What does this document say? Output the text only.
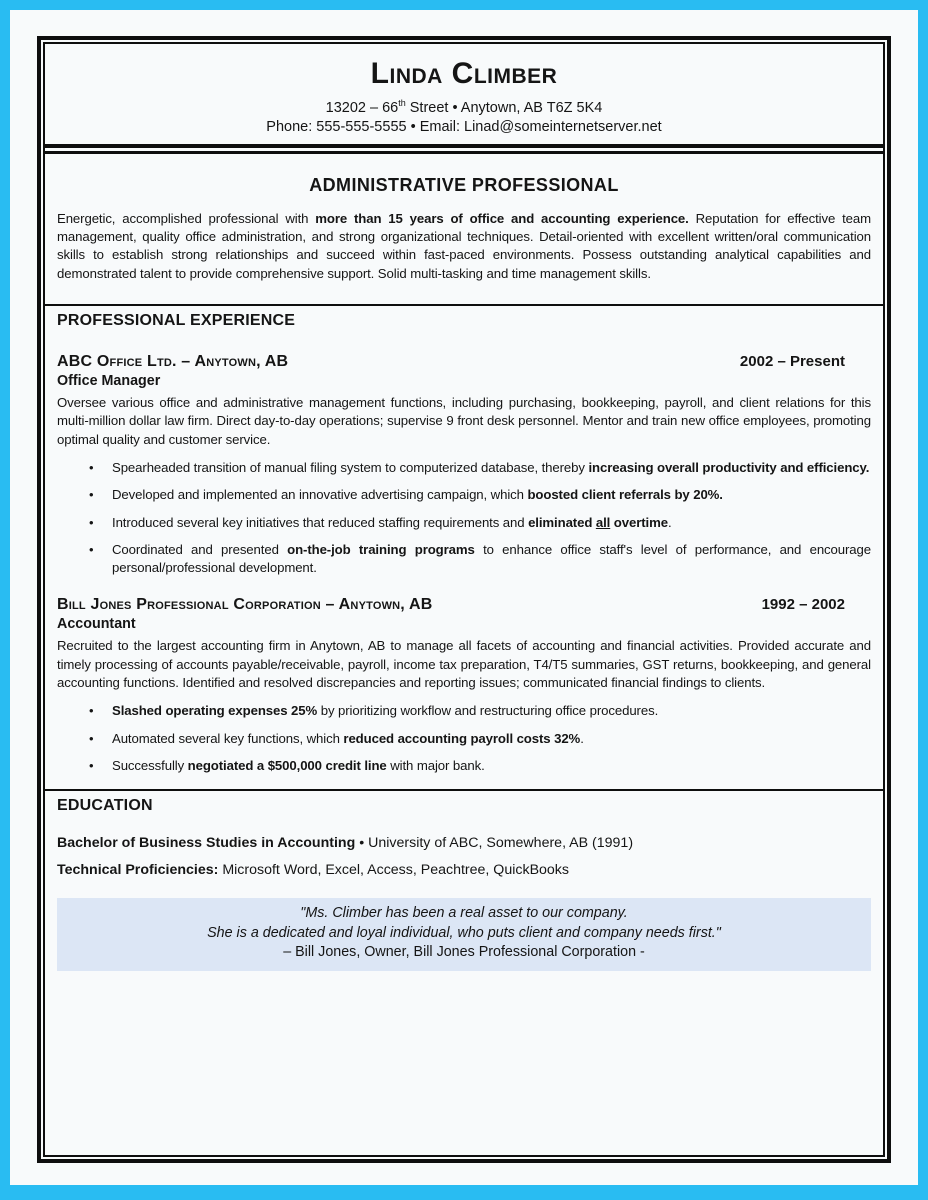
Linda Climber
13202 – 66th Street • Anytown, AB T6Z 5K4
Phone: 555-555-5555 • Email: Linad@someinternetserver.net
ADMINISTRATIVE PROFESSIONAL

Energetic, accomplished professional with more than 15 years of office and accounting experience. Reputation for effective team management, quality office administration, and strong organizational techniques. Detail-oriented with excellent written/oral communication skills to establish strong relationships and succeed within fast-paced environments. Possess outstanding analytical capabilities and demonstrated talent to provide comprehensive support. Solid multi-tasking and time management skills.

PROFESSIONAL EXPERIENCE
ABC Office Ltd. – Anytown, AB	2002 – Present
Office Manager

Oversee various office and administrative management functions, including purchasing, bookkeeping, payroll, and client relations for this multi-million dollar law firm. Direct day-to-day operations; supervise 9 front desk personnel. Mentor and train new office employees, promoting optimal quality and customer service.

• Spearheaded transition of manual filing system to computerized database, thereby increasing overall productivity and efficiency.
• Developed and implemented an innovative advertising campaign, which boosted client referrals by 20%.
• Introduced several key initiatives that reduced staffing requirements and eliminated all overtime.
• Coordinated and presented on-the-job training programs to enhance office staff's level of performance, and encourage personal/professional development.
Bill Jones Professional Corporation – Anytown, AB	1992 – 2002
Accountant

Recruited to the largest accounting firm in Anytown, AB to manage all facets of accounting and financial activities. Provided accurate and timely processing of accounts payable/receivable, payroll, income tax preparation, T4/T5 summaries, GST returns, bookkeeping, and general accounting functions. Identified and resolved discrepancies and reporting issues; communicated financial findings to clients.

• Slashed operating expenses 25% by prioritizing workflow and restructuring office procedures.
• Automated several key functions, which reduced accounting payroll costs 32%.
• Successfully negotiated a $500,000 credit line with major bank.
EDUCATION
Bachelor of Business Studies in Accounting • University of ABC, Somewhere, AB (1991)
Technical Proficiencies: Microsoft Word, Excel, Access, Peachtree, QuickBooks
"Ms. Climber has been a real asset to our company.
She is a dedicated and loyal individual, who puts client and company needs first."
– Bill Jones, Owner, Bill Jones Professional Corporation -
